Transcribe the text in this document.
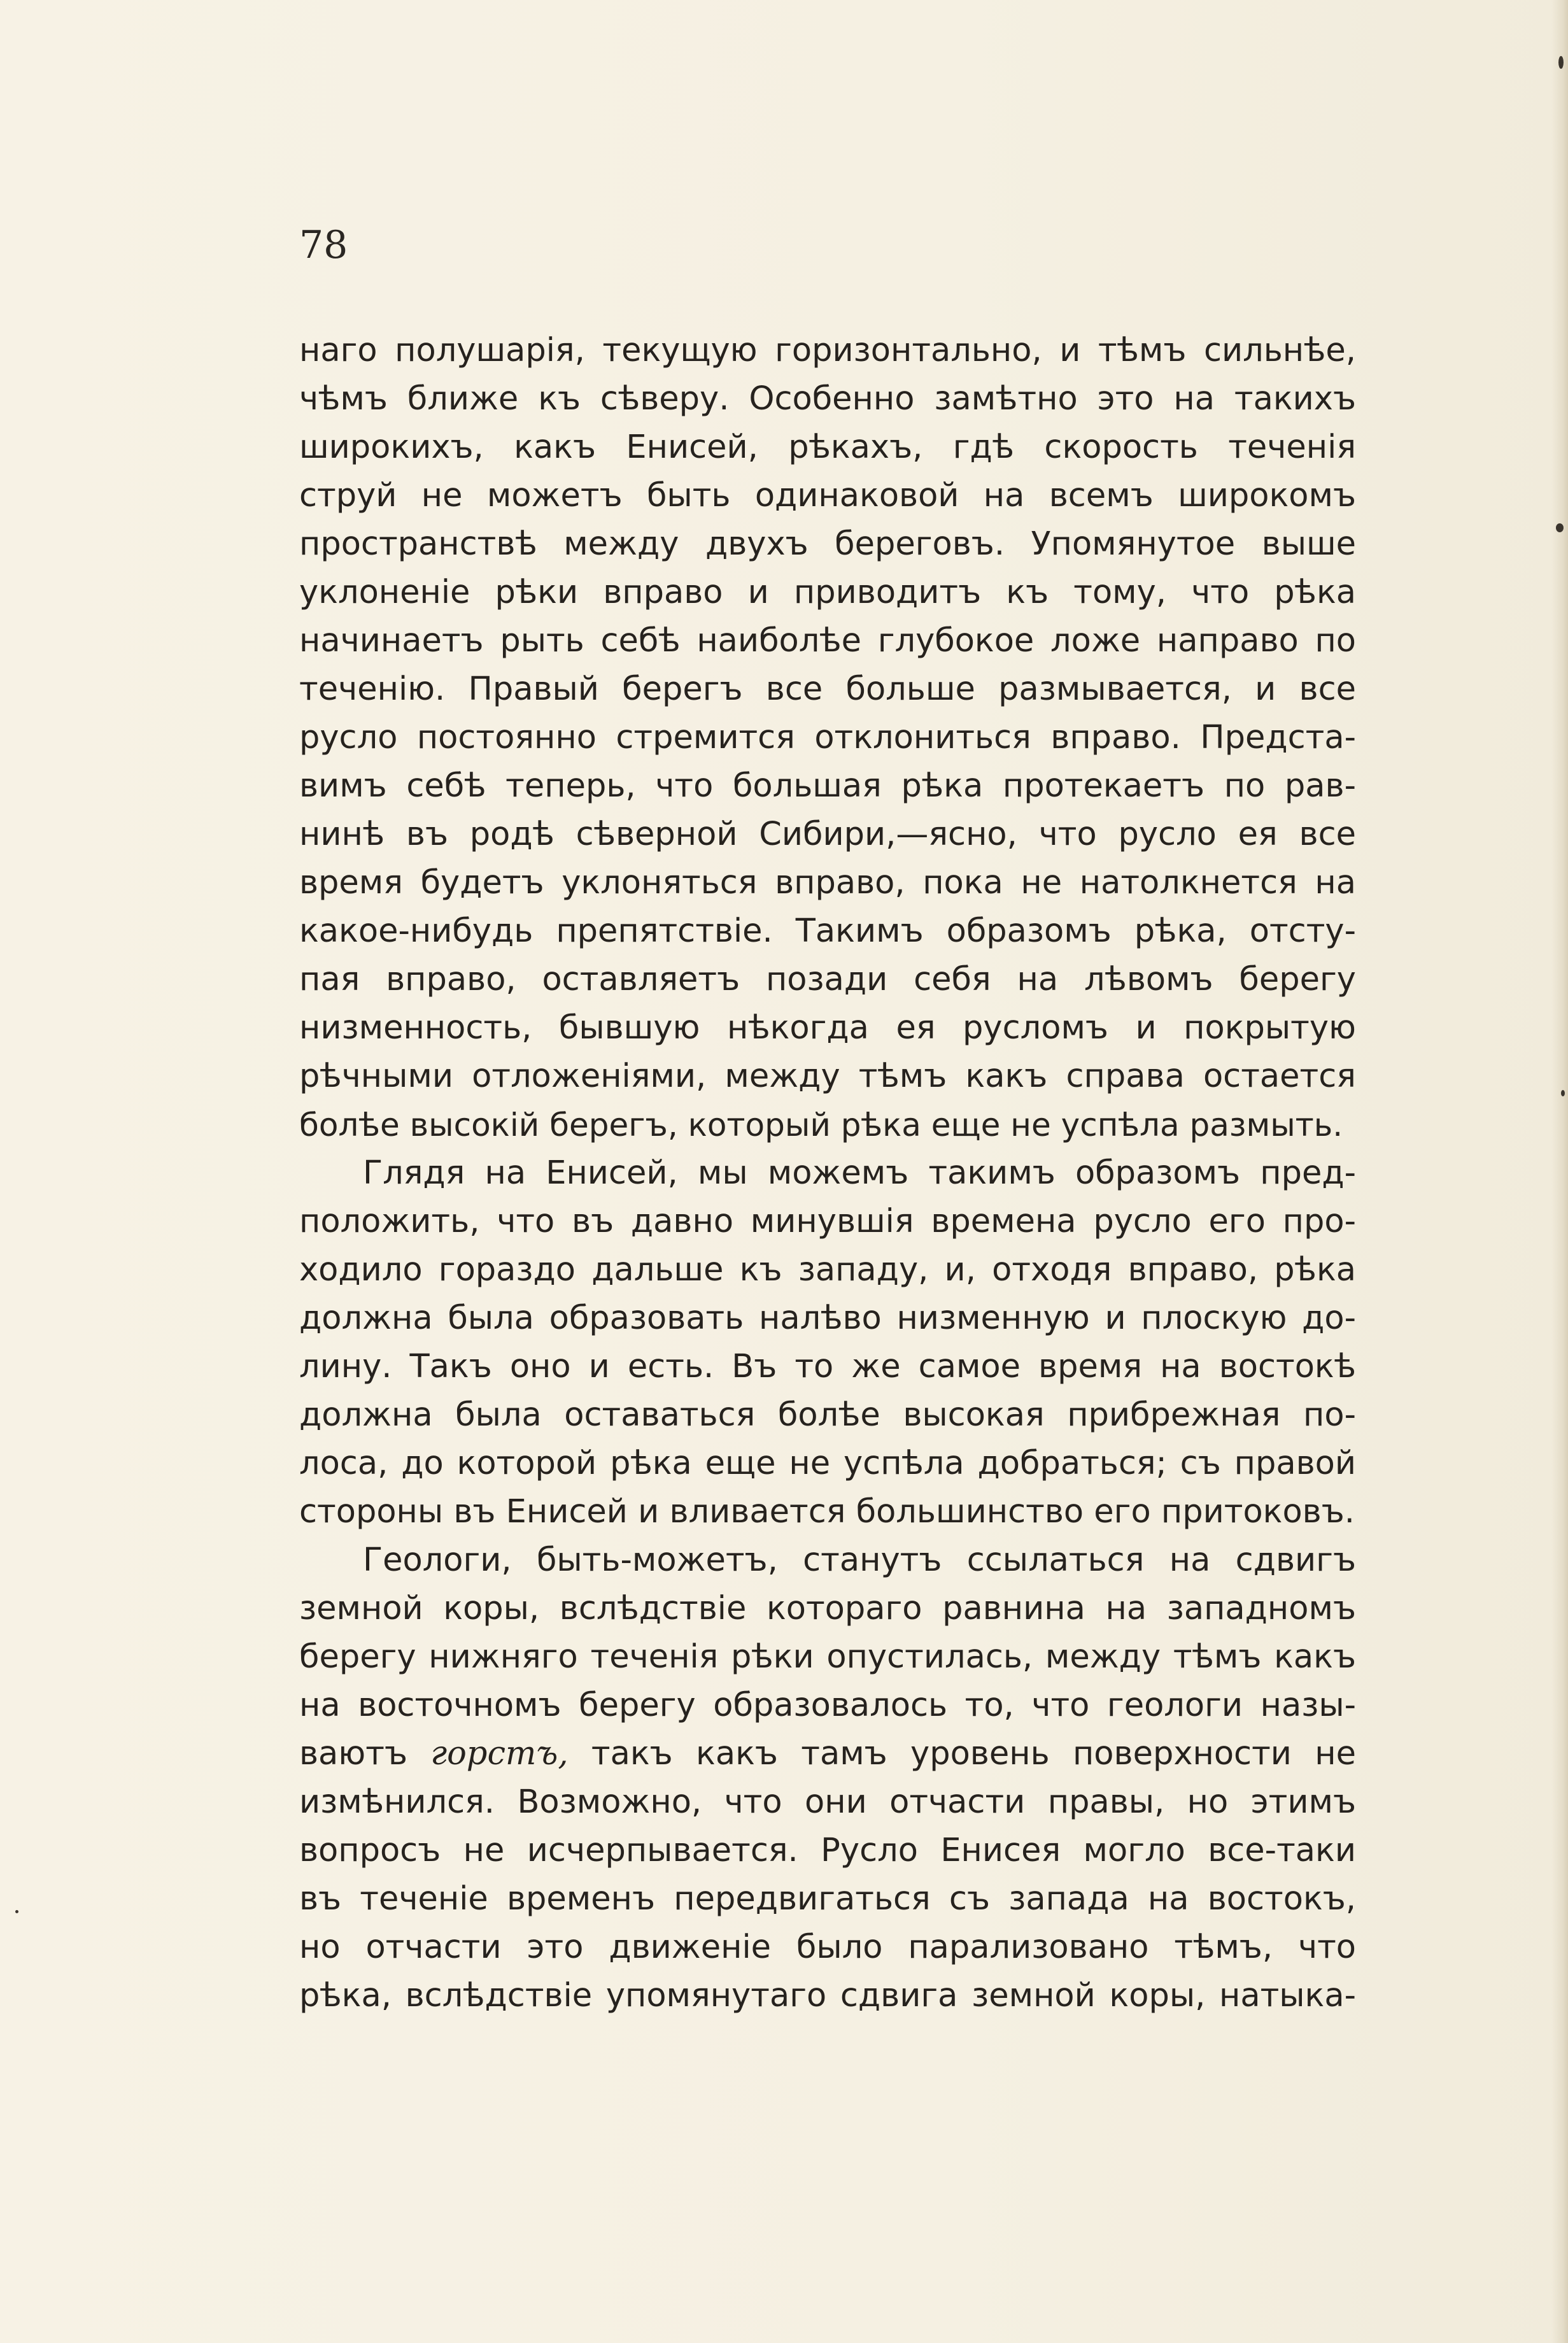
78
наго полушарія, текущую горизонтально, и тѣмъ сильнѣе,
чѣмъ ближе къ сѣверу. Особенно замѣтно это на такихъ
широкихъ, какъ Енисей, рѣкахъ, гдѣ скорость теченія
струй не можетъ быть одинаковой на всемъ широкомъ
пространствѣ между двухъ береговъ. Упомянутое выше
уклоненіе рѣки вправо и приводитъ къ тому, что рѣка
начинаетъ рыть себѣ наиболѣе глубокое ложе направо по
теченію. Правый берегъ все больше размывается, и все
русло постоянно стремится отклониться вправо. Предста-
вимъ себѣ теперь, что большая рѣка протекаетъ по рав-
нинѣ въ родѣ сѣверной Сибири,—ясно, что русло ея все
время будетъ уклоняться вправо, пока не натолкнется на
какое-нибудь препятствіе. Такимъ образомъ рѣка, отсту-
пая вправо, оставляетъ позади себя на лѣвомъ берегу
низменность, бывшую нѣкогда ея русломъ и покрытую
рѣчными отложеніями, между тѣмъ какъ справа остается
болѣе высокій берегъ, который рѣка еще не успѣла размыть.
Глядя на Енисей, мы можемъ такимъ образомъ пред-
положить, что въ давно минувшія времена русло его про-
ходило гораздо дальше къ западу, и, отходя вправо, рѣка
должна была образовать налѣво низменную и плоскую до-
лину. Такъ оно и есть. Въ то же самое время на востокѣ
должна была оставаться болѣе высокая прибрежная по-
лоса, до которой рѣка еще не успѣла добраться; съ правой
стороны въ Енисей и вливается большинство его притоковъ.
Геологи, быть-можетъ, станутъ ссылаться на сдвигъ
земной коры, вслѣдствіе котораго равнина на западномъ
берегу нижняго теченія рѣки опустилась, между тѣмъ какъ
на восточномъ берегу образовалось то, что геологи назы-
ваютъ горстъ, такъ какъ тамъ уровень поверхности не
измѣнился. Возможно, что они отчасти правы, но этимъ
вопросъ не исчерпывается. Русло Енисея могло все-таки
въ теченіе временъ передвигаться съ запада на востокъ,
но отчасти это движеніе было парализовано тѣмъ, что
рѣка, вслѣдствіе упомянутаго сдвига земной коры, натыка-
